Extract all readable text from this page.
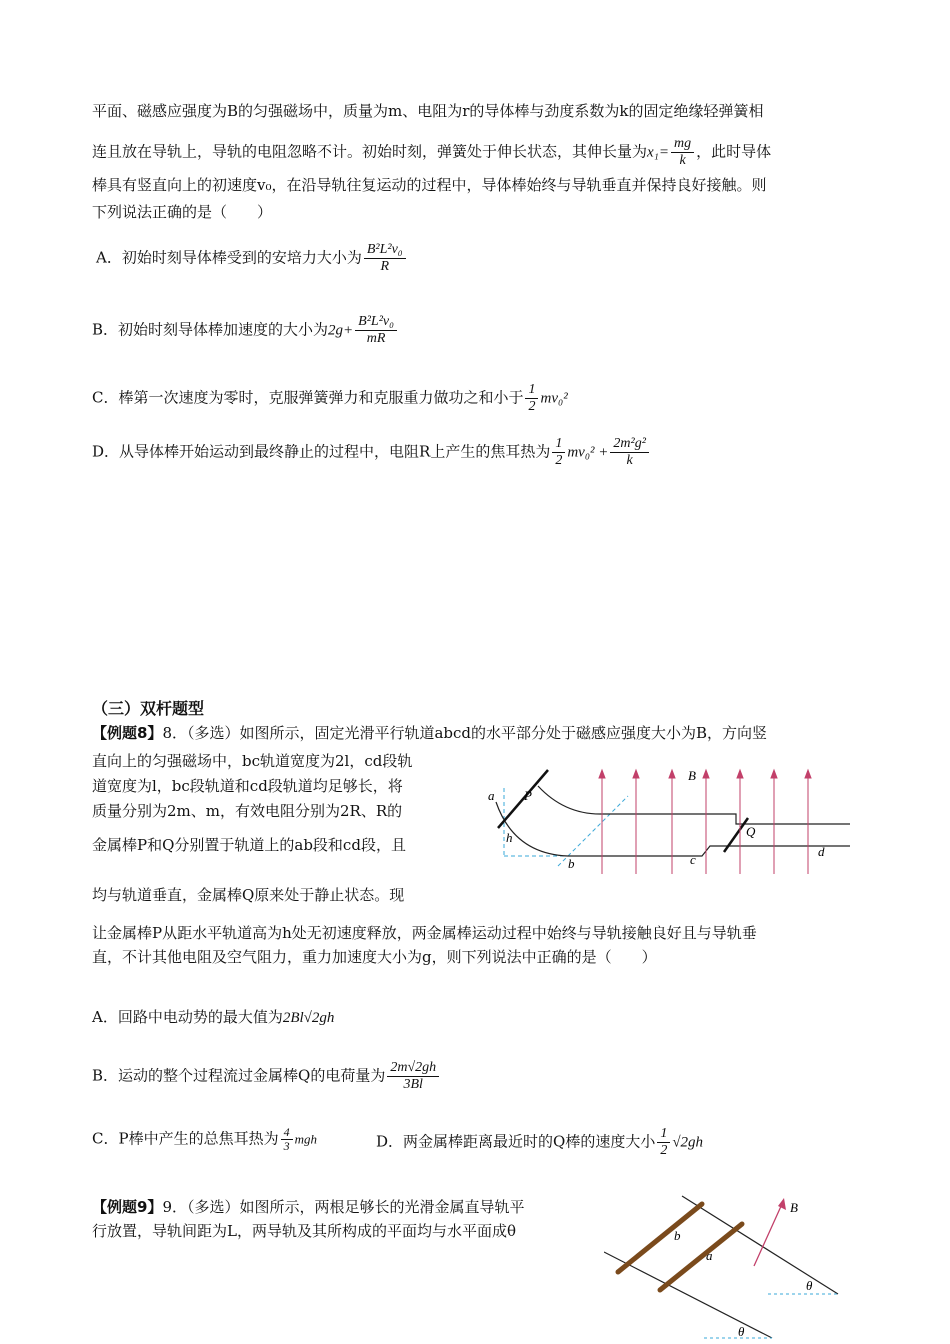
平面、磁感应强度为B的匀强磁场中，质量为m、电阻为r的导体棒与劲度系数为k的固定绝缘轻弹簧相
连且放在导轨上，导轨的电阻忽略不计。初始时刻，弹簧处于伸长状态，其伸长量为$x_1= \frac{mg}{k}$ ，此时导体
棒具有竖直向上的初速度v₀，在沿导轨往复运动的过程中，导体棒始终与导轨垂直并保持良好接触。则
下列说法正确的是（　　）
A．初始时刻导体棒受到的安培力大小为 $\frac{\text{B²L²v₀}}{R}$
B．初始时刻导体棒加速度的大小为$2g+ \frac{\text{B²L²v₀}}{mR}$
C．棒第一次速度为零时，克服弹簧弹力和克服重力做功之和小于 $\frac{1}{2} mv_0^2$
D．从导体棒开始运动到最终静止的过程中，电阻R上产生的焦耳热为 $\frac{1}{2} mv_0^2 + \frac{\text{2m²g²}}{k}$
（三）双杆题型
【例题8】8．（多选）如图所示，固定光滑平行轨道abcd的水平部分处于磁感应强度大小为B，方向竖
直向上的匀强磁场中，bc轨道宽度为2l，cd段轨
道宽度为l，bc段轨道和cd段轨道均足够长，将
质量分别为2m、m，有效电阻分别为2R、R的
金属棒P和Q分别置于轨道上的ab段和cd段，且
均与轨道垂直，金属棒Q原来处于静止状态。现
让金属棒P从距水平轨道高为h处无初速度释放，两金属棒运动过程中始终与导轨接触良好且与导轨垂
直，不计其他电阻及空气阻力，重力加速度大小为g，则下列说法中正确的是（　　）
a P
h
b
B
Q
c
d
A．回路中电动势的最大值为2Bl√2gh
B．运动的整个过程流过金属棒Q的电荷量为 $\frac{2m√2gh}{3Bl}$
C．P棒中产生的总焦耳热为 $\frac{4}{3}$ mgh	D．两金属棒距离最近时的Q棒的速度大小 $\frac{1}{2} √2gh$
【例题9】9．（多选）如图所示，两根足够长的光滑金属直导轨平
行放置，导轨间距为L，两导轨及其所构成的平面均与水平面成θ
B
b
a
θ
θ
